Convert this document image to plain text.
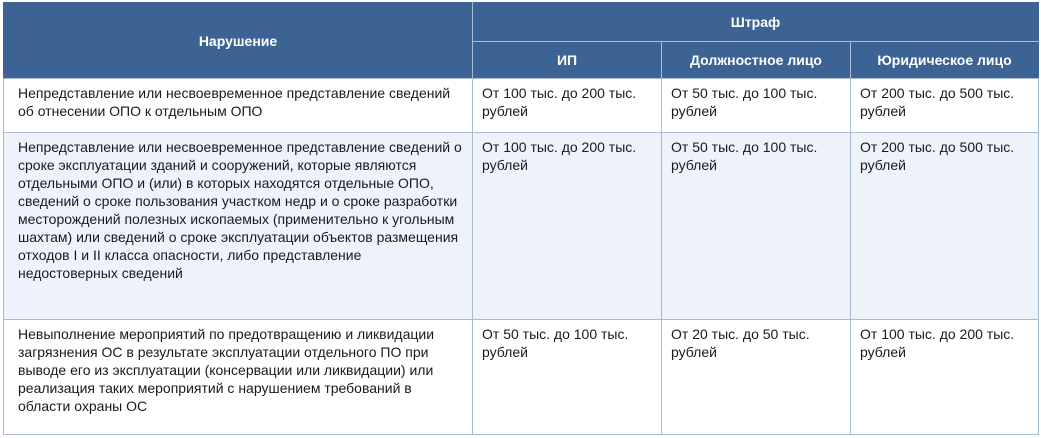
Нарушение	Штраф		
	ИП	Должностное лицо	Юридическое лицо

Непредставление или несвоевременное представление сведений об отнесении ОПО к отдельным ОПО	От 100 тыс. до 200 тыс. рублей	От 50 тыс. до 100 тыс. рублей	От 200 тыс. до 500 тыс. рублей

Непредставление или несвоевременное представление сведений о сроке эксплуатации зданий и сооружений, которые являются отдельными ОПО и (или) в которых находятся отдельные ОПО, сведений о сроке пользования участком недр и о сроке разработки месторождений полезных ископаемых (применительно к угольным шахтам) или сведений о сроке эксплуатации объектов размещения отходов I и II класса опасности, либо представление недостоверных сведений	От 100 тыс. до 200 тыс. рублей	От 50 тыс. до 100 тыс. рублей	От 200 тыс. до 500 тыс. рублей

Невыполнение мероприятий по предотвращению и ликвидации загрязнения ОС в результате эксплуатации отдельного ПО при выводе его из эксплуатации (консервации или ликвидации) или реализация таких мероприятий с нарушением требований в области охраны ОС	От 50 тыс. до 100 тыс. рублей	От 20 тыс. до 50 тыс. рублей	От 100 тыс. до 200 тыс. рублей
